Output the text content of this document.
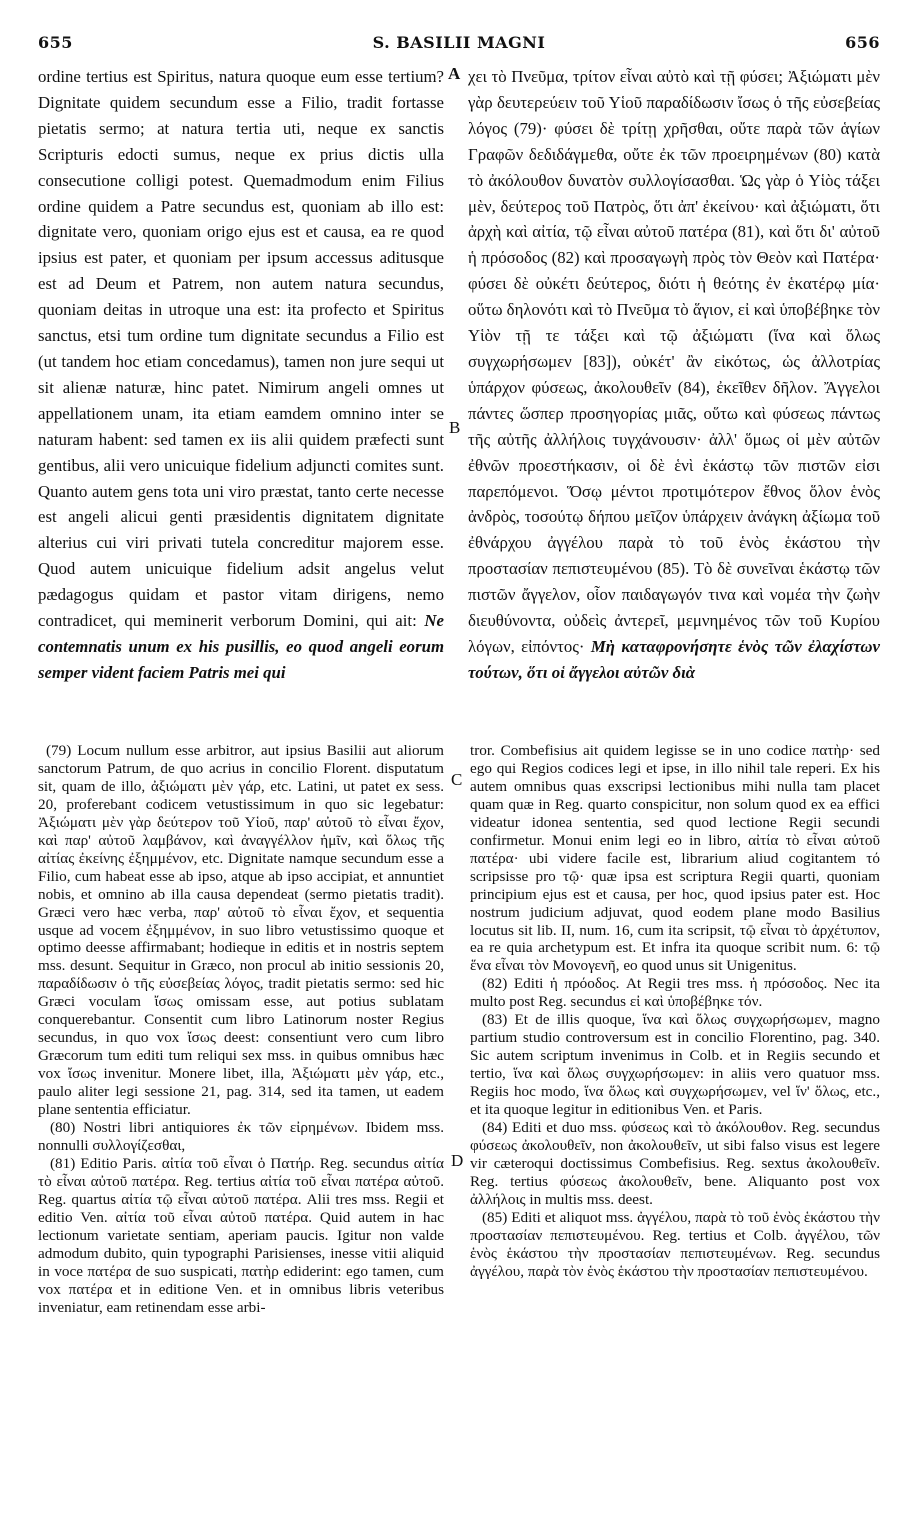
655	S. BASILII MAGNI	656
A
B
C
D

ordine tertius est Spiritus, natura quoque eum esse tertium? Dignitate quidem secundum esse a Filio, tradit fortasse pietatis sermo; at natura tertia uti, neque ex sanctis Scripturis edocti sumus, neque ex prius dictis ulla consecutione colligi potest. Quemadmodum enim Filius ordine quidem a Patre secundus est, quoniam ab illo est: dignitate vero, quoniam origo ejus est et causa, ea re quod ipsius est pater, et quoniam per ipsum accessus aditusque est ad Deum et Patrem, non autem natura secundus, quoniam deitas in utroque una est: ita profecto et Spiritus sanctus, etsi tum ordine tum dignitate secundus a Filio est (ut tandem hoc etiam concedamus), tamen non jure sequi ut sit alienæ naturæ, hinc patet. Nimirum angeli omnes ut appellationem unam, ita etiam eamdem omnino inter se naturam habent: sed tamen ex iis alii quidem præfecti sunt gentibus, alii vero unicuique fidelium adjuncti comites sunt. Quanto autem gens tota uni viro præstat, tanto certe necesse est angeli alicui genti præsidentis dignitatem dignitate alterius cui viri privati tutela concreditur majorem esse. Quod autem unicuique fidelium adsit angelus velut pædagogus quidam et pastor vitam dirigens, nemo contradicet, qui meminerit verborum Domini, qui ait: Ne contemnatis unum ex his pusillis, eo quod angeli eorum semper vident faciem Patris mei qui

χει τὸ Πνεῦμα, τρίτον εἶναι αὐτὸ καὶ τῇ φύσει; Ἀξιώματι μὲν γὰρ δευτερεύειν τοῦ Υἱοῦ παραδίδωσιν ἴσως ὁ τῆς εὐσεβείας λόγος (79)· φύσει δὲ τρίτῃ χρῆσθαι, οὔτε παρὰ τῶν ἁγίων Γραφῶν δεδιδάγμεθα, οὔτε ἐκ τῶν προειρημένων (80) κατὰ τὸ ἀκόλουθον δυνατὸν συλλογίσασθαι. Ὡς γὰρ ὁ Υἱὸς τάξει μὲν, δεύτερος τοῦ Πατρὸς, ὅτι ἀπ' ἐκείνου· καὶ ἀξιώματι, ὅτι ἀρχὴ καὶ αἰτία, τῷ εἶναι αὐτοῦ πατέρα (81), καὶ ὅτι δι' αὐτοῦ ἡ πρόσοδος (82) καὶ προσαγωγὴ πρὸς τὸν Θεὸν καὶ Πατέρα· φύσει δὲ οὐκέτι δεύτερος, διότι ἡ θεότης ἐν ἑκατέρῳ μία· οὕτω δηλονότι καὶ τὸ Πνεῦμα τὸ ἅγιον, εἰ καὶ ὑποβέβηκε τὸν Υἱὸν τῇ τε τάξει καὶ τῷ ἀξιώματι (ἵνα καὶ ὅλως συγχωρήσωμεν [83]), οὐκέτ' ἂν εἰκότως, ὡς ἀλλοτρίας ὑπάρχον φύσεως, ἀκολουθεῖν (84), ἐκεῖθεν δῆλον. Ἄγγελοι πάντες ὥσπερ προσηγορίας μιᾶς, οὕτω καὶ φύσεως πάντως τῆς αὐτῆς ἀλλήλοις τυγχάνουσιν· ἀλλ' ὅμως οἱ μὲν αὐτῶν ἐθνῶν προεστήκασιν, οἱ δὲ ἑνὶ ἑκάστῳ τῶν πιστῶν εἰσι παρεπόμενοι. Ὅσῳ μέντοι προτιμότερον ἔθνος ὅλον ἑνὸς ἀνδρὸς, τοσούτῳ δήπου μεῖζον ὑπάρχειν ἀνάγκη ἀξίωμα τοῦ ἐθνάρχου ἀγγέλου παρὰ τὸ τοῦ ἑνὸς ἑκάστου τὴν προστασίαν πεπιστευμένου (85). Τὸ δὲ συνεῖναι ἑκάστῳ τῶν πιστῶν ἄγγελον, οἷον παιδαγωγόν τινα καὶ νομέα τὴν ζωὴν διευθύνοντα, οὐδεὶς ἀντερεῖ, μεμνημένος τῶν τοῦ Κυρίου λόγων, εἰπόντος· Μὴ καταφρονήσητε ἑνὸς τῶν ἐλαχίστων τούτων, ὅτι οἱ ἄγγελοι αὐτῶν διὰ

(79) Locum nullum esse arbitror, aut ipsius Basilii aut aliorum sanctorum Patrum, de quo acrius in concilio Florent. disputatum sit, quam de illo, ἀξιώματι μὲν γάρ, etc. Latini, ut patet ex sess. 20, proferebant codicem vetustissimum in quo sic legebatur: Ἀξιώματι μὲν γὰρ δεύτερον τοῦ Υἱοῦ, παρ' αὐτοῦ τὸ εἶναι ἔχον, καὶ παρ' αὐτοῦ λαμβάνον, καὶ ἀναγγέλλον ἡμῖν, καὶ ὅλως τῆς αἰτίας ἐκείνης ἐξημμένον, etc. Dignitate namque secundum esse a Filio, cum habeat esse ab ipso, atque ab ipso accipiat, et annuntiet nobis, et omnino ab illa causa dependeat (sermo pietatis tradit). Græci vero hæc verba, παρ' αὐτοῦ τὸ εἶναι ἔχον, et sequentia usque ad vocem ἐξημμένον, in suo libro vetustissimo quoque et optimo deesse affirmabant; hodieque in editis et in nostris septem mss. desunt. Sequitur in Græco, non procul ab initio sessionis 20, παραδίδωσιν ὁ τῆς εὐσεβείας λόγος, tradit pietatis sermo: sed hic Græci voculam ἴσως omissam esse, aut potius sublatam conquerebantur. Consentit cum libro Latinorum noster Regius secundus, in quo vox ἴσως deest: consentiunt vero cum libro Græcorum tum editi tum reliqui sex mss. in quibus omnibus hæc vox ἴσως invenitur. Monere libet, illa, Ἀξιώματι μὲν γάρ, etc., paulo aliter legi sessione 21, pag. 314, sed ita tamen, ut eadem plane sententia efficiatur.

(80) Nostri libri antiquiores ἐκ τῶν εἰρημένων. Ibidem mss. nonnulli συλλογίζεσθαι,

(81) Editio Paris. αἰτία τοῦ εἶναι ὁ Πατήρ. Reg. secundus αἰτία τὸ εἶναι αὐτοῦ πατέρα. Reg. tertius αἰτία τοῦ εἶναι πατέρα αὐτοῦ. Reg. quartus αἰτία τῷ εἶναι αὐτοῦ πατέρα. Alii tres mss. Regii et editio Ven. αἰτία τοῦ εἶναι αὐτοῦ πατέρα. Quid autem in hac lectionum varietate sentiam, aperiam paucis. Igitur non valde admodum dubito, quin typographi Parisienses, inesse vitii aliquid in voce πατέρα de suo suspicati, πατὴρ ediderint: ego tamen, cum vox πατέρα et in editione Ven. et in omnibus libris veteribus inveniatur, eam retinendam esse arbi-

tror. Combefisius ait quidem legisse se in uno codice πατὴρ· sed ego qui Regios codices legi et ipse, in illo nihil tale reperi. Ex his autem omnibus quas exscripsi lectionibus mihi nulla tam placet quam quæ in Reg. quarto conspicitur, non solum quod ex ea effici videatur idonea sententia, sed quod lectione Regii secundi confirmetur. Monui enim legi eo in libro, αἰτία τὸ εἶναι αὐτοῦ πατέρα· ubi videre facile est, librarium aliud cogitantem τό scripsisse pro τῷ· quæ ipsa est scriptura Regii quarti, quoniam principium ejus est et causa, per hoc, quod ipsius pater est. Hoc nostrum judicium adjuvat, quod eodem plane modo Basilius locutus sit lib. II, num. 16, cum ita scripsit, τῷ εἶναι τὸ ἀρχέτυπον, ea re quia archetypum est. Et infra ita quoque scribit num. 6: τῷ ἕνα εἶναι τὸν Μονογενῆ, eo quod unus sit Unigenitus.

(82) Editi ἡ πρόοδος. At Regii tres mss. ἡ πρόσοδος. Nec ita multo post Reg. secundus εἰ καὶ ὑποβέβηκε τόν.

(83) Et de illis quoque, ἵνα καὶ ὅλως συγχωρήσωμεν, magno partium studio controversum est in concilio Florentino, pag. 340. Sic autem scriptum invenimus in Colb. et in Regiis secundo et tertio, ἵνα καὶ ὅλως συγχωρήσωμεν: in aliis vero quatuor mss. Regiis hoc modo, ἵνα ὅλως καὶ συγχωρήσωμεν, vel ἵν' ὅλως, etc., et ita quoque legitur in editionibus Ven. et Paris.

(84) Editi et duo mss. φύσεως καὶ τὸ ἀκόλουθον. Reg. secundus φύσεως ἀκολουθεῖν, non ἀκολουθεῖν, ut sibi falso visus est legere vir cæteroqui doctissimus Combefisius. Reg. sextus ἀκολουθεῖν. Reg. tertius φύσεως ἀκολουθεῖν, bene. Aliquanto post vox ἀλλήλοις in multis mss. deest.

(85) Editi et aliquot mss. ἀγγέλου, παρὰ τὸ τοῦ ἑνὸς ἑκάστου τὴν προστασίαν πεπιστευμένου. Reg. tertius et Colb. ἀγγέλου, τῶν ἑνὸς ἑκάστου τὴν προστασίαν πεπιστευμένων. Reg. secundus ἀγγέλου, παρὰ τὸν ἑνὸς ἑκάστου τὴν προστασίαν πεπιστευμένου.
